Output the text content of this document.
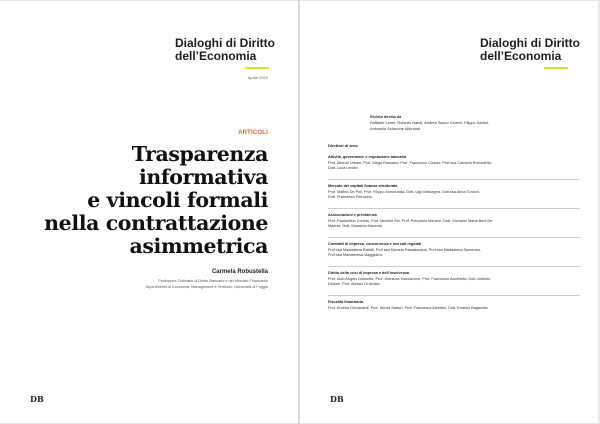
Dialoghi di Diritto
dell’Economia
Aprile 2022
ARTICOLI
Trasparenza
informativa
e vincoli formali
nella contrattazione
asimmetrica
Carmela Robustella
Professore Ordinario di Diritto Bancario e del Mercato Finanziario
Dipartimento di Economia, Management e Territorio, Università di Foggia
DB
Dialoghi di Diritto
dell’Economia
Rivista diretta da
Raffaele Lener, Roberto Natoli, Andrea Sacco Ginevri, Filippo Sartori,
Antonella Sciarrone Alibrandi
Direttori di area
Attività, governance e regolazione bancaria
Prof. Alberto Urbani, Prof. Diego Rossano, Prof. Francesco Ciraolo, Prof.ssa Carmela Robustella,
Dott. Luca Lentini
Mercato dei capitali finanza strutturata
Prof. Matteo De Poli, Prof. Filippo Annunziata, Dott. Ugo Malvagna, Dott.ssa Anna Tonioni,
Dott. Francesco Petrosino
Assicurazioni e previdenza
Prof. Paoloefisio Corrias, Prof. Michele Siri, Prof. Pierpaolo Marano, Dott. Giovanni Maria Berti De
Marinis, Dott. Massimo Mazzola
Contratti di impresa, concorrenza e mercati regolati
Prof.ssa Maddalena Rabitti, Prof.ssa Michela Passalacqua, Prof.ssa Maddalena Semeraro,
Prof.ssa Mariateresa Maggiolino
Diritto della crisi di impresa e dell’insolvenza
Prof. Aldo Angelo Dolmetta, Prof. Gianluca Mucciarone, Prof. Francesco Accettella, Dott. Antonio
Didone, Prof. Alessio Di Amato
Fiscalità finanziaria
Prof. Andrea Giovanardi, Prof. Nicola Sartori, Prof. Francesco Albertini, Dott. Ernesto Bagarotto
DB
